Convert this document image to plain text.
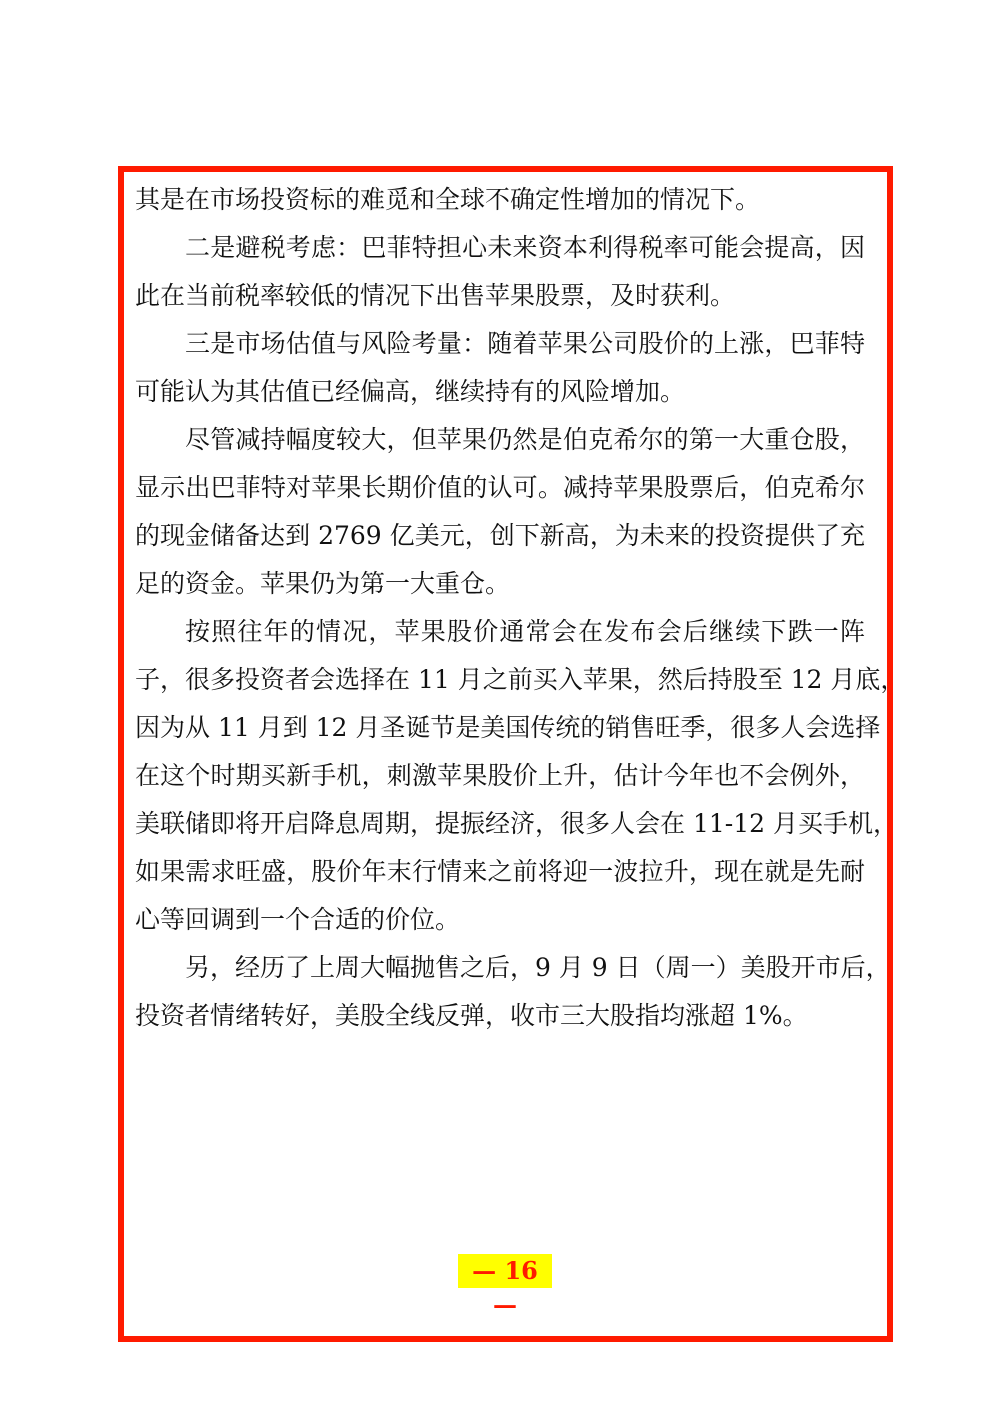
其是在市场投资标的难觅和全球不确定性增加的情况下。
二是避税考虑：巴菲特担心未来资本利得税率可能会提高，因
此在当前税率较低的情况下出售苹果股票，及时获利。
三是市场估值与风险考量：随着苹果公司股价的上涨，巴菲特
可能认为其估值已经偏高，继续持有的风险增加。
尽管减持幅度较大，但苹果仍然是伯克希尔的第一大重仓股，
显示出巴菲特对苹果长期价值的认可。减持苹果股票后，伯克希尔
的现金储备达到 2769 亿美元，创下新高，为未来的投资提供了充
足的资金。苹果仍为第一大重仓。
按照往年的情况，苹果股价通常会在发布会后继续下跌一阵
子，很多投资者会选择在 11 月之前买入苹果，然后持股至 12 月底，
因为从 11 月到 12 月圣诞节是美国传统的销售旺季，很多人会选择
在这个时期买新手机，刺激苹果股价上升，估计今年也不会例外，
美联储即将开启降息周期，提振经济，很多人会在 11-12 月买手机，
如果需求旺盛，股价年末行情来之前将迎一波拉升，现在就是先耐
心等回调到一个合适的价位。
另，经历了上周大幅抛售之后，9 月 9 日（周一）美股开市后，
投资者情绪转好，美股全线反弹，收市三大股指均涨超 1%。
— 16 —
